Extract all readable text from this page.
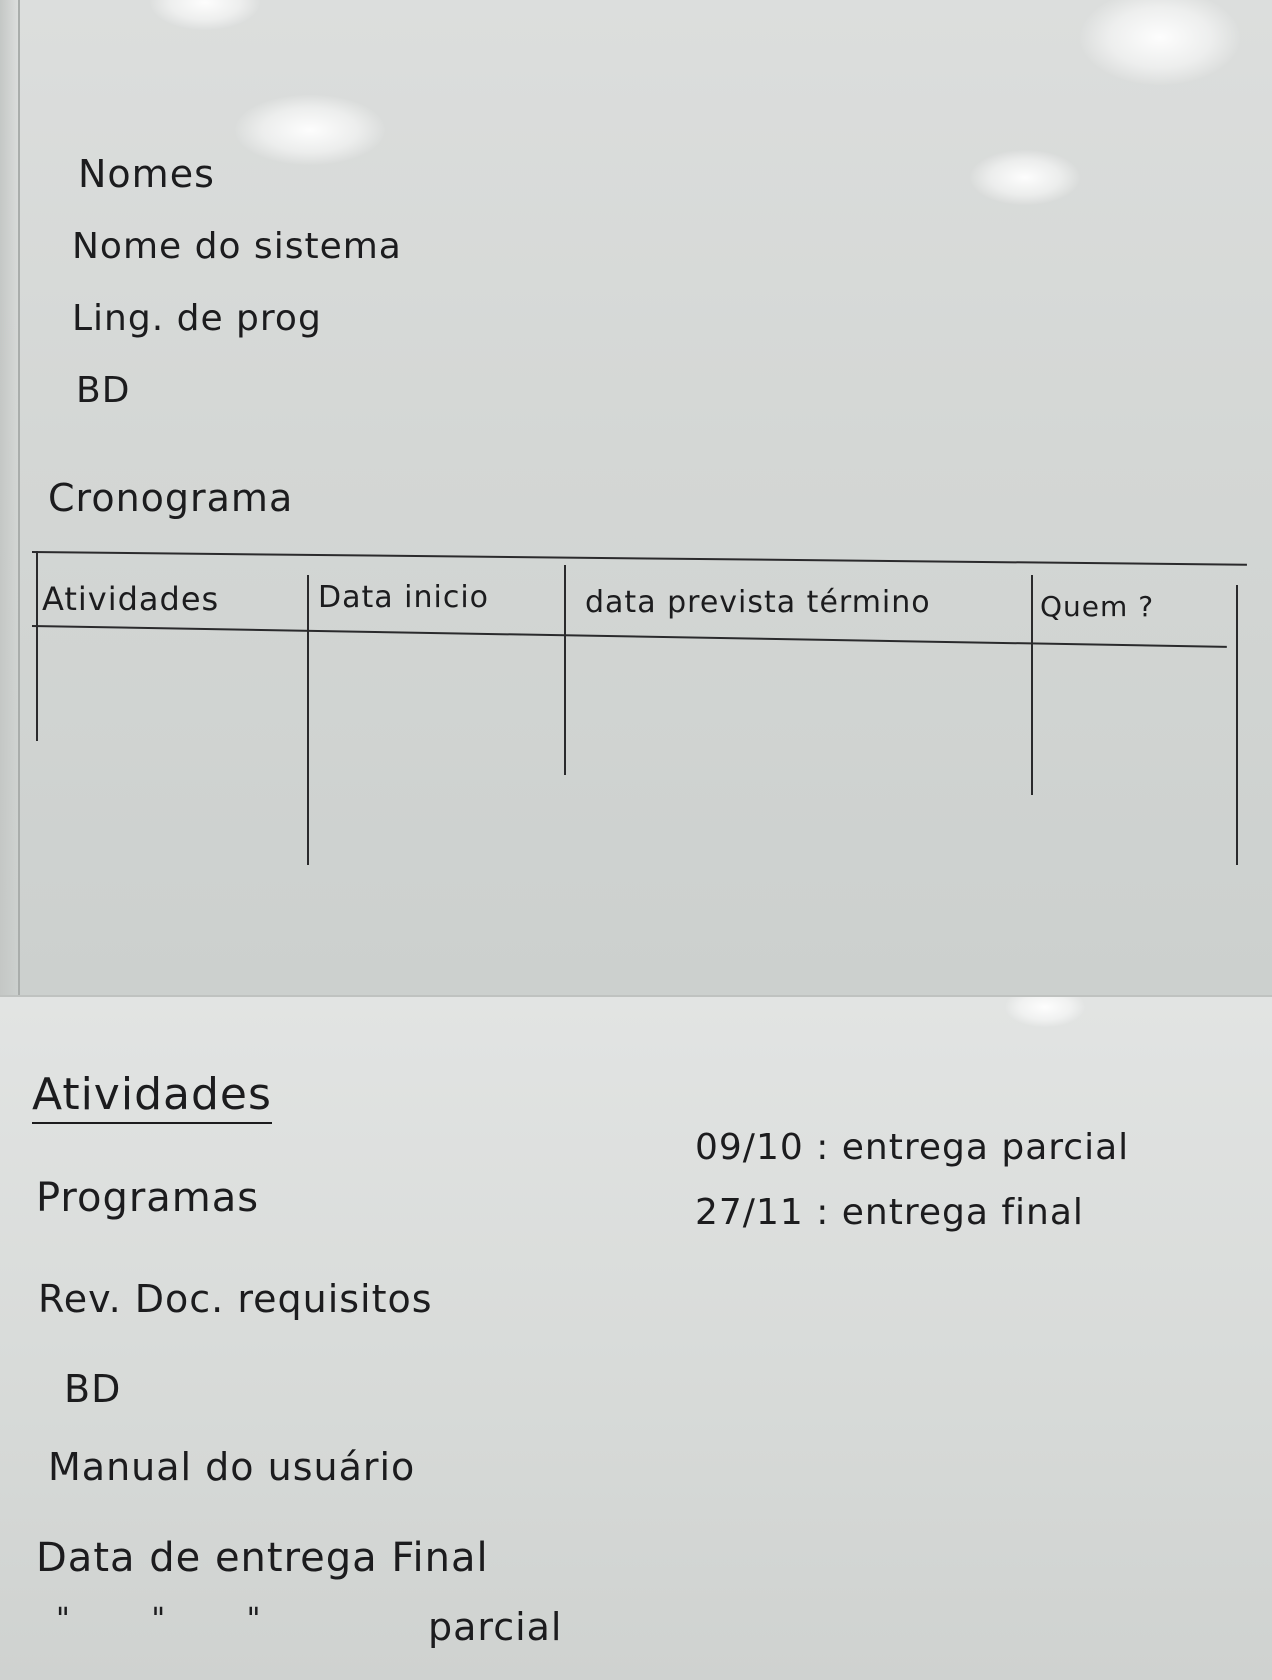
Nomes

Nome do sistema

Ling. de prog

BD

Cronograma

Atividades	Data inicio	data prevista término	Quem ?

Atividades

Programas

Rev. Doc. requisitos

BD

Manual do usuário

Data de entrega Final

" " "	parcial

09/10 : entrega parcial

27/11 : entrega final
